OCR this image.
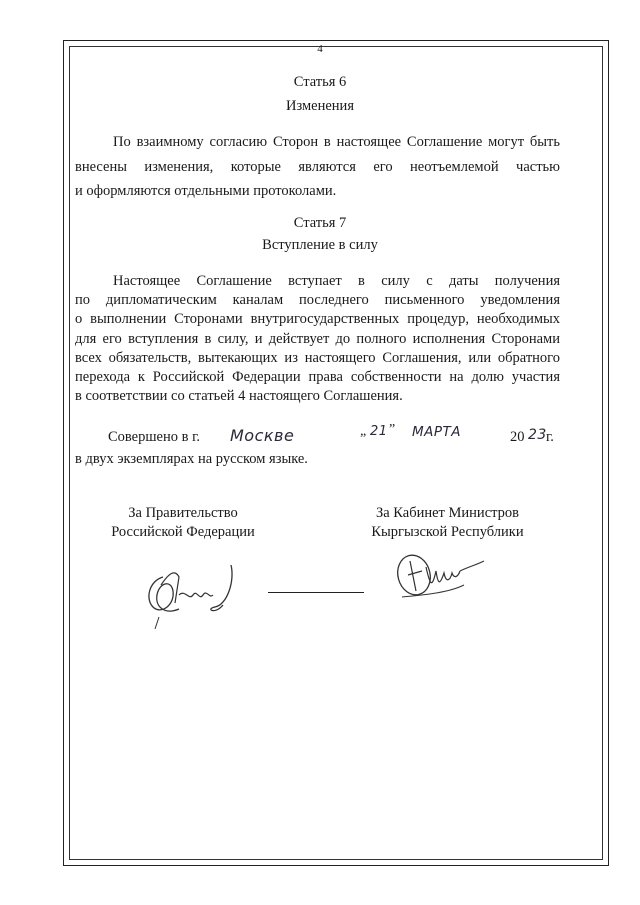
4
Статья 6
Изменения
По взаимному согласию Сторон в настоящее Соглашение могут быть
внесены изменения, которые являются его неотъемлемой частью
и оформляются отдельными протоколами.
Статья 7
Вступление в силу
Настоящее Соглашение вступает в силу с даты получения
по дипломатическим каналам последнего письменного уведомления
о выполнении Сторонами внутригосударственных процедур, необходимых
для его вступления в силу, и действует до полного исполнения Сторонами
всех обязательств, вытекающих из настоящего Соглашения, или обратного
перехода к Российской Федерации права собственности на долю участия
в соответствии со статьей 4 настоящего Соглашения.
Совершено в г. Москве	„ 21 ” МАРТА	20 23 г.
в двух экземплярах на русском языке.
За Правительство
Российской Федерации
За Кабинет Министров
Кыргызской Республики
